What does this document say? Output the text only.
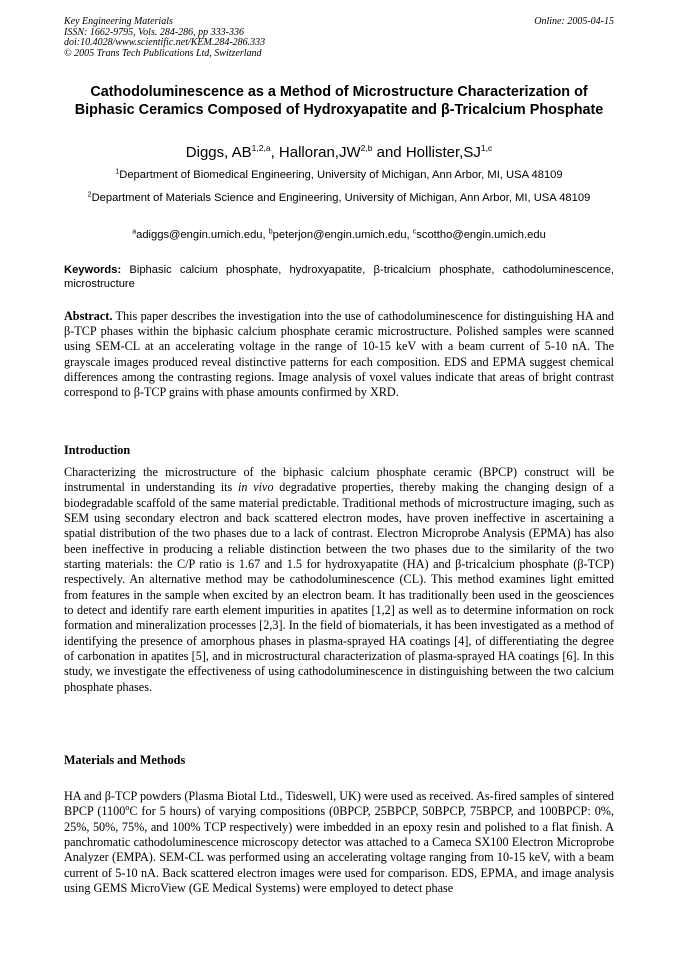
Key Engineering Materials
ISSN: 1662-9795, Vols. 284-286, pp 333-336
doi:10.4028/www.scientific.net/KEM.284-286.333
© 2005 Trans Tech Publications Ltd, Switzerland
Online: 2005-04-15
Cathodoluminescence as a Method of Microstructure Characterization of Biphasic Ceramics Composed of Hydroxyapatite and β-Tricalcium Phosphate
Diggs, AB$^{1,2,a}$, Halloran,JW$^{2,b}$ and Hollister,SJ$^{1,c}$
$^1$Department of Biomedical Engineering, University of Michigan, Ann Arbor, MI, USA 48109
$^2$Department of Materials Science and Engineering, University of Michigan, Ann Arbor, MI, USA 48109
$^a$adiggs@engin.umich.edu, $^b$peterjon@engin.umich.edu, $^c$scottho@engin.umich.edu
Keywords: Biphasic calcium phosphate, hydroxyapatite, β-tricalcium phosphate, cathodoluminescence, microstructure
Abstract. This paper describes the investigation into the use of cathodoluminescence for distinguishing HA and β-TCP phases within the biphasic calcium phosphate ceramic microstructure. Polished samples were scanned using SEM-CL at an accelerating voltage in the range of 10-15 keV with a beam current of 5-10 nA. The grayscale images produced reveal distinctive patterns for each composition. EDS and EPMA suggest chemical differences among the contrasting regions. Image analysis of voxel values indicate that areas of bright contrast correspond to β-TCP grains with phase amounts confirmed by XRD.
Introduction
Characterizing the microstructure of the biphasic calcium phosphate ceramic (BPCP) construct will be instrumental in understanding its in vivo degradative properties, thereby making the changing design of a biodegradable scaffold of the same material predictable. Traditional methods of microstructure imaging, such as SEM using secondary electron and back scattered electron modes, have proven ineffective in ascertaining a spatial distribution of the two phases due to a lack of contrast. Electron Microprobe Analysis (EPMA) has also been ineffective in producing a reliable distinction between the two phases due to the similarity of the two starting materials: the C/P ratio is 1.67 and 1.5 for hydroxyapatite (HA) and β-tricalcium phosphate (β-TCP) respectively. An alternative method may be cathodoluminescence (CL). This method examines light emitted from features in the sample when excited by an electron beam. It has traditionally been used in the geosciences to detect and identify rare earth element impurities in apatites [1,2] as well as to determine information on rock formation and mineralization processes [2,3]. In the field of biomaterials, it has been investigated as a method of identifying the presence of amorphous phases in plasma-sprayed HA coatings [4], of differentiating the degree of carbonation in apatites [5], and in microstructural characterization of plasma-sprayed HA coatings [6]. In this study, we investigate the effectiveness of using cathodoluminescence in distinguishing between the two calcium phosphate phases.
Materials and Methods
HA and β-TCP powders (Plasma Biotal Ltd., Tideswell, UK) were used as received. As-fired samples of sintered BPCP (1100$^o$C for 5 hours) of varying compositions (0BPCP, 25BPCP, 50BPCP, 75BPCP, and 100BPCP: 0%, 25%, 50%, 75%, and 100% TCP respectively) were imbedded in an epoxy resin and polished to a flat finish. A panchromatic cathodoluminescence microscopy detector was attached to a Cameca SX100 Electron Microprobe Analyzer (EMPA). SEM-CL was performed using an accelerating voltage ranging from 10-15 keV, with a beam current of 5-10 nA. Back scattered electron images were used for comparison. EDS, EPMA, and image analysis using GEMS MicroView (GE Medical Systems) were employed to detect phase
